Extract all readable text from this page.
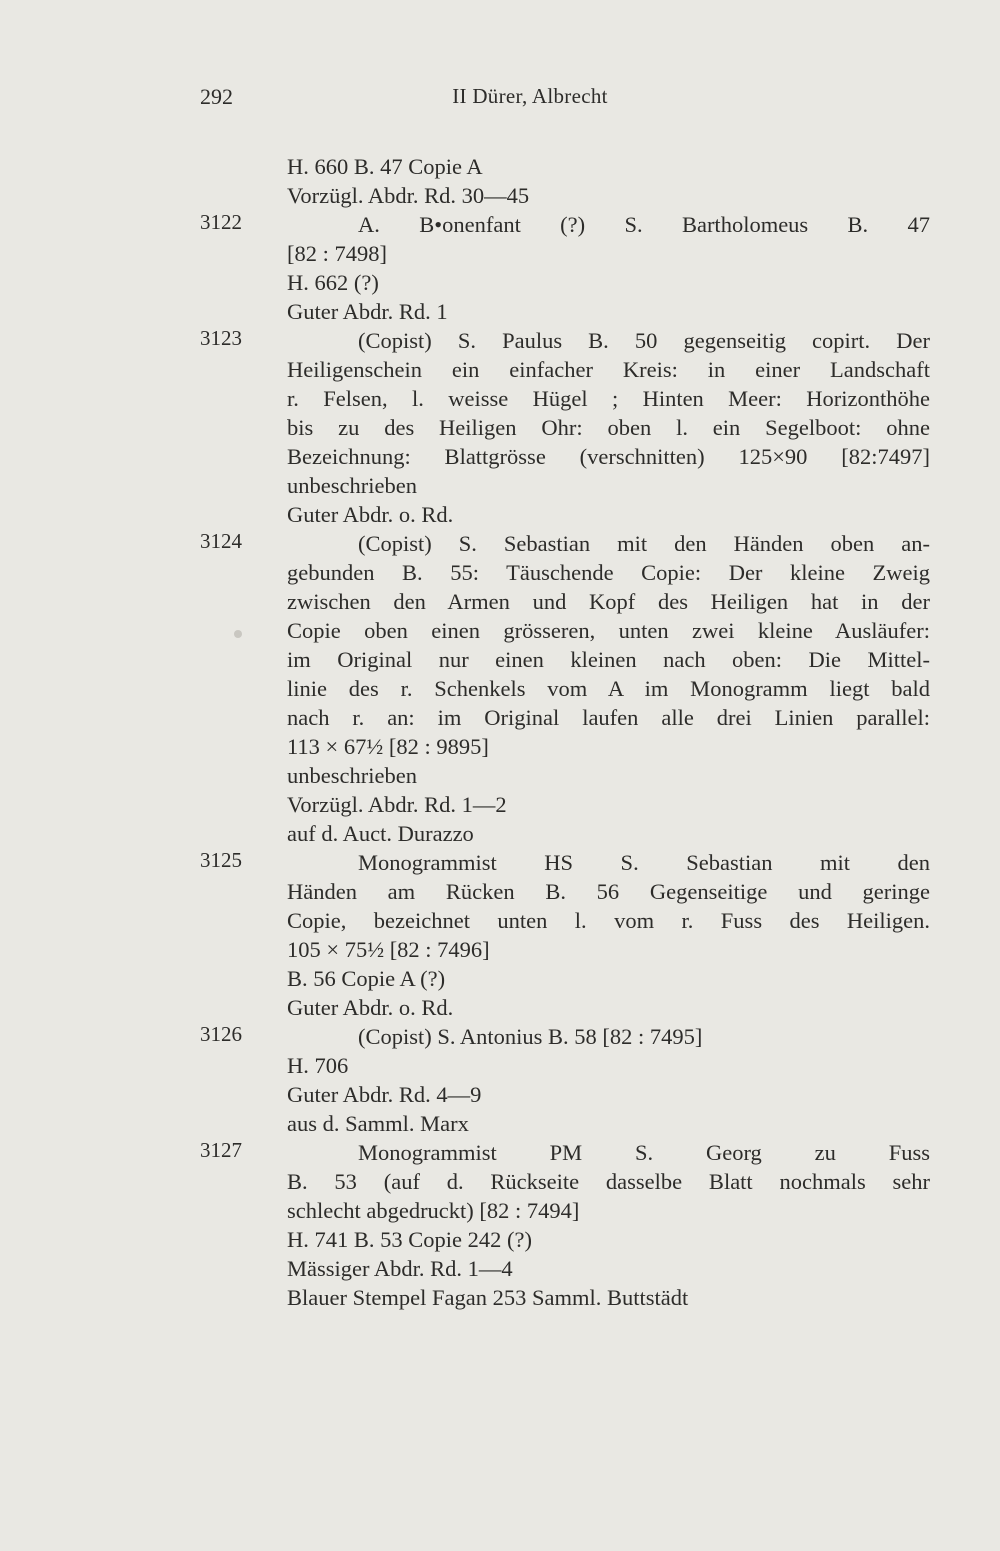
292	II Dürer, Albrecht
H. 660 B. 47 Copie A
Vorzügl. Abdr. Rd. 30—45
3122	A. B•onenfant (?) S. Bartholomeus B. 47
[82 : 7498]
H. 662 (?)
Guter Abdr. Rd. 1
3123	(Copist) S. Paulus B. 50 gegenseitig copirt. Der
Heiligenschein ein einfacher Kreis: in einer Landschaft
r. Felsen, l. weisse Hügel ; Hinten Meer: Horizonthöhe
bis zu des Heiligen Ohr: oben l. ein Segelboot: ohne
Bezeichnung: Blattgrösse (verschnitten) 125×90 [82:7497]
unbeschrieben
Guter Abdr. o. Rd.
3124	(Copist) S. Sebastian mit den Händen oben an-
gebunden B. 55: Täuschende Copie: Der kleine Zweig
zwischen den Armen und Kopf des Heiligen hat in der
Copie oben einen grösseren, unten zwei kleine Ausläufer:
im Original nur einen kleinen nach oben: Die Mittel-
linie des r. Schenkels vom A im Monogramm liegt bald
nach r. an: im Original laufen alle drei Linien parallel:
113 × 67½ [82 : 9895]
unbeschrieben
Vorzügl. Abdr. Rd. 1—2
auf d. Auct. Durazzo
3125	Monogrammist HS S. Sebastian mit den
Händen am Rücken B. 56 Gegenseitige und geringe
Copie, bezeichnet unten l. vom r. Fuss des Heiligen.
105 × 75½ [82 : 7496]
B. 56 Copie A (?)
Guter Abdr. o. Rd.
3126	(Copist) S. Antonius B. 58 [82 : 7495]
H. 706
Guter Abdr. Rd. 4—9
aus d. Samml. Marx
3127	Monogrammist PM S. Georg zu Fuss
B. 53 (auf d. Rückseite dasselbe Blatt nochmals sehr
schlecht abgedruckt) [82 : 7494]
H. 741 B. 53 Copie 242 (?)
Mässiger Abdr. Rd. 1—4
Blauer Stempel Fagan 253 Samml. Buttstädt
